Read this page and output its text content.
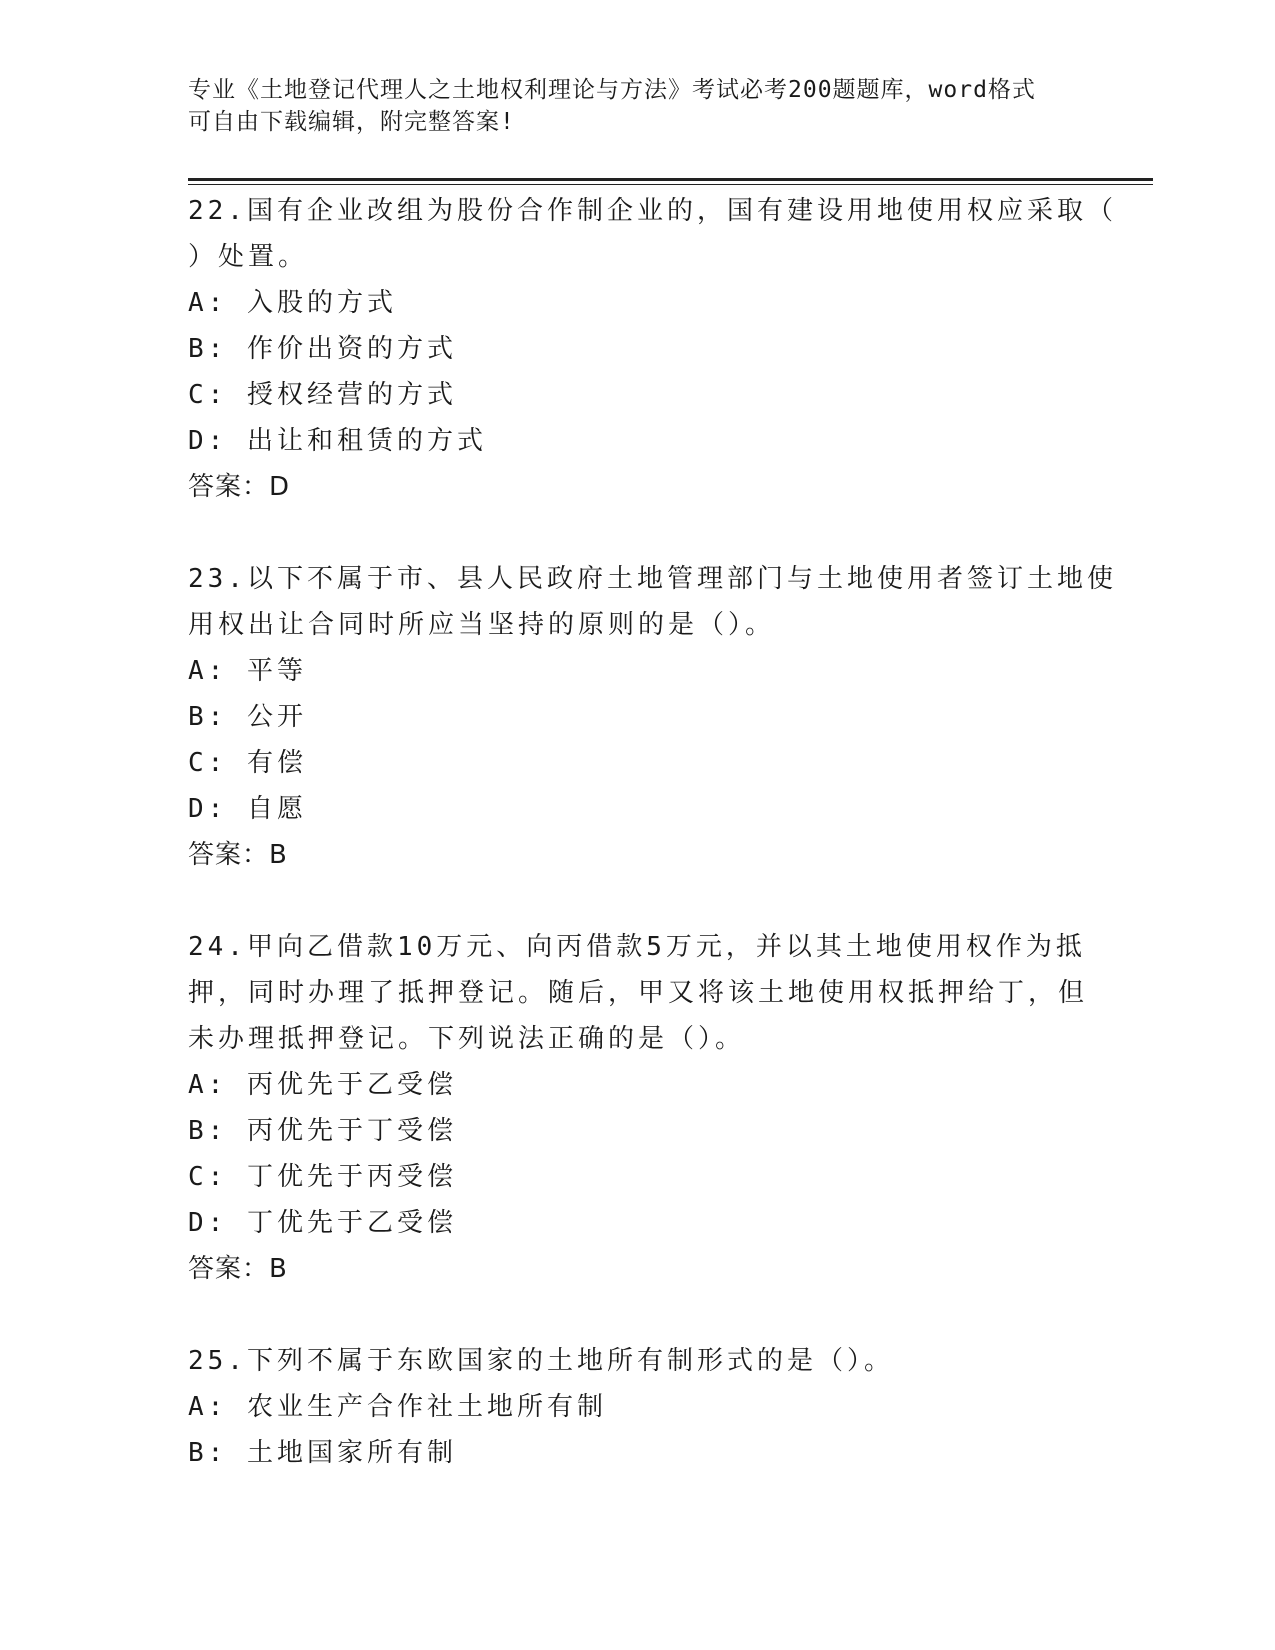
专业《土地登记代理人之土地权利理论与方法》考试必考200题题库，word格式
可自由下载编辑，附完整答案!
22.国有企业改组为股份合作制企业的，国有建设用地使用权应采取（
）处置。
A: 入股的方式
B: 作价出资的方式
C: 授权经营的方式
D: 出让和租赁的方式
答案：D
23.以下不属于市、县人民政府土地管理部门与土地使用者签订土地使
用权出让合同时所应当坚持的原则的是（）。
A: 平等
B: 公开
C: 有偿
D: 自愿
答案：B
24.甲向乙借款10万元、向丙借款5万元，并以其土地使用权作为抵
押，同时办理了抵押登记。随后，甲又将该土地使用权抵押给丁，但
未办理抵押登记。下列说法正确的是（）。
A: 丙优先于乙受偿
B: 丙优先于丁受偿
C: 丁优先于丙受偿
D: 丁优先于乙受偿
答案：B
25.下列不属于东欧国家的土地所有制形式的是（）。
A: 农业生产合作社土地所有制
B: 土地国家所有制
